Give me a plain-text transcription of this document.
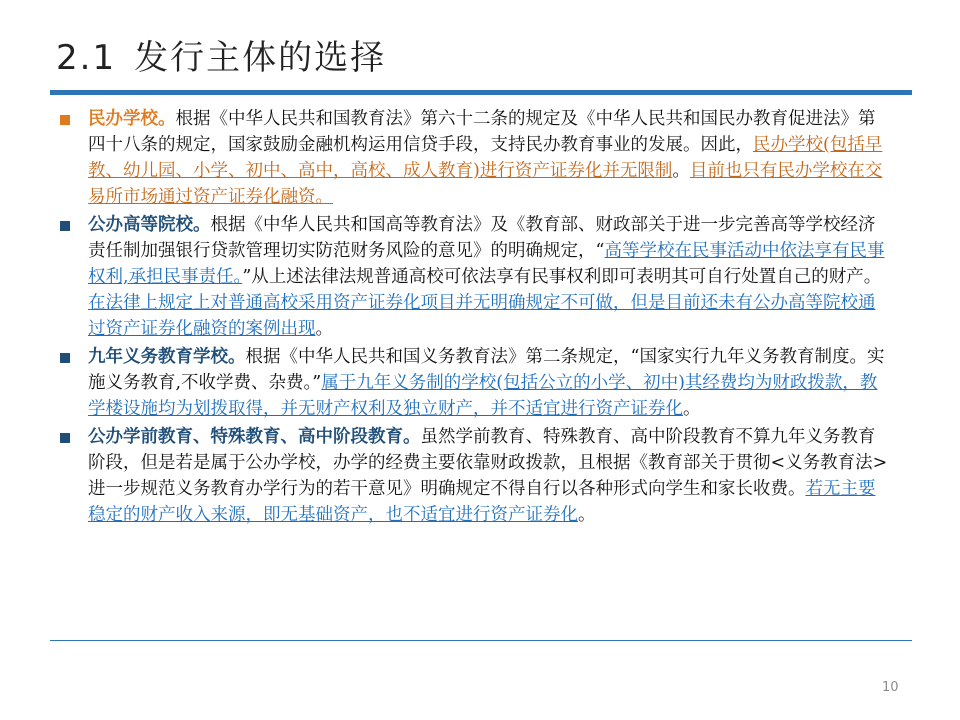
2.1 发行主体的选择

民办学校。根据《中华人民共和国教育法》第六十二条的规定及《中华人民共和国民办教育促进法》第四十八条的规定，国家鼓励金融机构运用信贷手段，支持民办教育事业的发展。因此，民办学校(包括早教、幼儿园、小学、初中、高中，高校、成人教育)进行资产证券化并无限制。目前也只有民办学校在交易所市场通过资产证券化融资。

公办高等院校。根据《中华人民共和国高等教育法》及《教育部、财政部关于进一步完善高等学校经济责任制加强银行贷款管理切实防范财务风险的意见》的明确规定，“高等学校在民事活动中依法享有民事权利,承担民事责任。”从上述法律法规普通高校可依法享有民事权利即可表明其可自行处置自己的财产。在法律上规定上对普通高校采用资产证券化项目并无明确规定不可做，但是目前还未有公办高等院校通过资产证券化融资的案例出现。

九年义务教育学校。根据《中华人民共和国义务教育法》第二条规定，“国家实行九年义务教育制度。实施义务教育,不收学费、杂费。”属于九年义务制的学校(包括公立的小学、初中)其经费均为财政拨款，教学楼设施均为划拨取得，并无财产权利及独立财产，并不适宜进行资产证券化。

公办学前教育、特殊教育、高中阶段教育。虽然学前教育、特殊教育、高中阶段教育不算九年义务教育阶段，但是若是属于公办学校，办学的经费主要依靠财政拨款，且根据《教育部关于贯彻<义务教育法>进一步规范义务教育办学行为的若干意见》明确规定不得自行以各种形式向学生和家长收费。若无主要稳定的财产收入来源，即无基础资产，也不适宜进行资产证券化。

10
